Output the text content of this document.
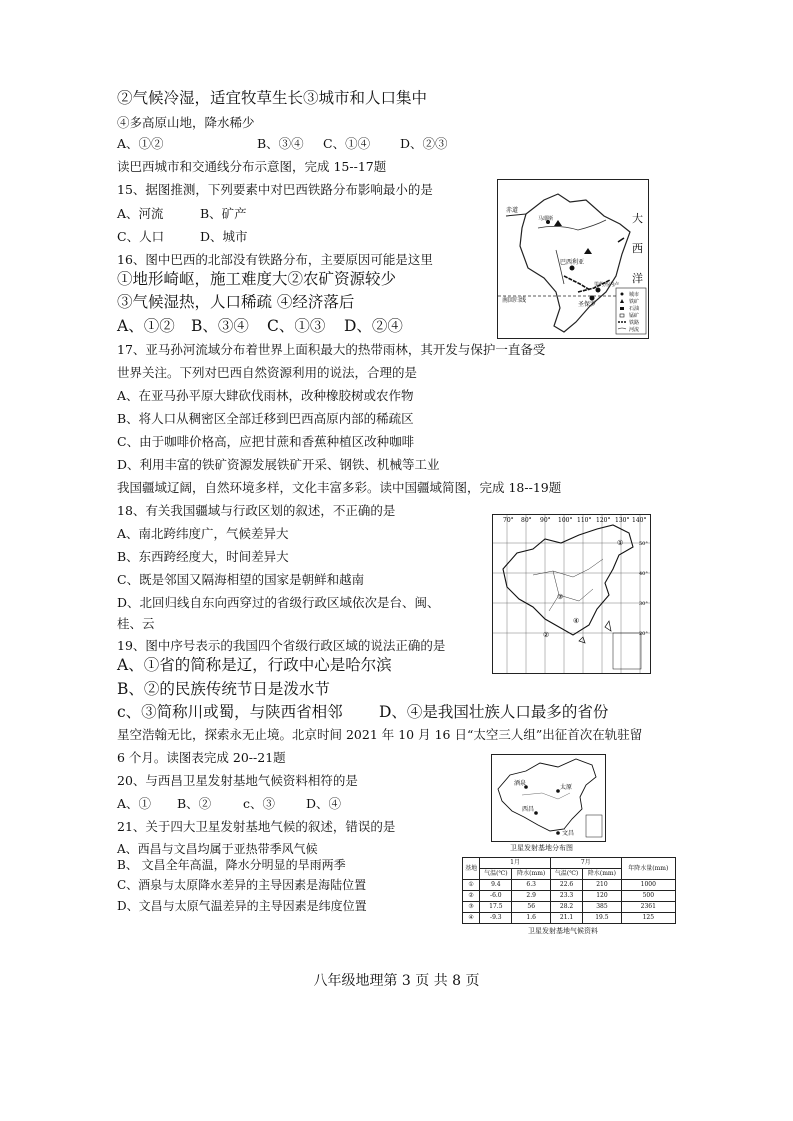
②气候冷湿，适宜牧草生长③城市和人口集中
④多高原山地，降水稀少
A、①②	B、③④ C、①④ D、②③
读巴西城市和交通线分布示意图，完成 15--17题
15、据图推测，下列要素中对巴西铁路分布影响最小的是
A、河流	B、矿产
C、人口	D、城市
16、图中巴西的北部没有铁路分布，主要原因可能是这里
①地形崎岖，施工难度大②农矿资源较少
③气候湿热，人口稀疏 ④经济落后
A、①② B、③④ C、①③ D、②④
17、亚马孙河流域分布着世界上面积最大的热带雨林，其开发与保护一直备受
世界关注。下列对巴西自然资源利用的说法，合理的是
A、在亚马孙平原大肆砍伐雨林，改种橡胶树或农作物
B、将人口从稠密区全部迁移到巴西高原内部的稀疏区
C、由于咖啡价格高，应把甘蔗和香蕉种植区改种咖啡
D、利用丰富的铁矿资源发展铁矿开采、钢铁、机械等工业
我国疆域辽阔，自然环境多样，文化丰富多彩。读中国疆域简图，完成 18--19题
18、有关我国疆域与行政区划的叙述，不正确的是
A、南北跨纬度广，气候差异大
B、东西跨经度大，时间差异大
C、既是邻国又隔海相望的国家是朝鲜和越南
D、北回归线自东向西穿过的省级行政区域依次是台、闽、
桂、云
19、图中序号表示的我国四个省级行政区域的说法正确的是
A、①省的简称是辽，行政中心是哈尔滨
B、②的民族传统节日是泼水节
c、③简称川或蜀，与陕西省相邻 D、④是我国壮族人口最多的省份
星空浩翰无比，探索永无止境。北京时间 2021 年 10 月 16 日“太空三人组”出征首次在轨驻留
6 个月。读图表完成 20--21题
20、与西昌卫星发射基地气候资料相符的是
A、① B、②	c、③ D、④
21、关于四大卫星发射基地气候的叙述，错误的是
A、西昌与文昌均属于亚热带季风气候
B、 文昌全年高温，降水分明显的旱雨两季
C、酒泉与太原降水差异的主导因素是海陆位置
D、文昌与太原气温差异的主导因素是纬度位置
赤道
大
西
洋
南回归线
巴西利亚
圣保罗
里约热内卢
马瑙斯
城市
铁矿
石油
锰矿
铁路
河流
70° 80° 90° 100° 110° 120° 130° 140°
50°
40°
30°
20°
①
②
③
④
酒泉
太原
西昌
文昌
卫星发射基地分布图
基地	1月		7月		年降水量(mm)
	气温(℃)	降水(mm)	气温(℃)	降水(mm)	
①	9.4	6.3	22.6	210	1000
②	-6.0	2.9	23.3	120	500
③	17.5	56	28.2	385	2361
④	-9.3	1.6	21.1	19.5	125
卫星发射基地气候资料
八年级地理第 3 页 共 8 页
